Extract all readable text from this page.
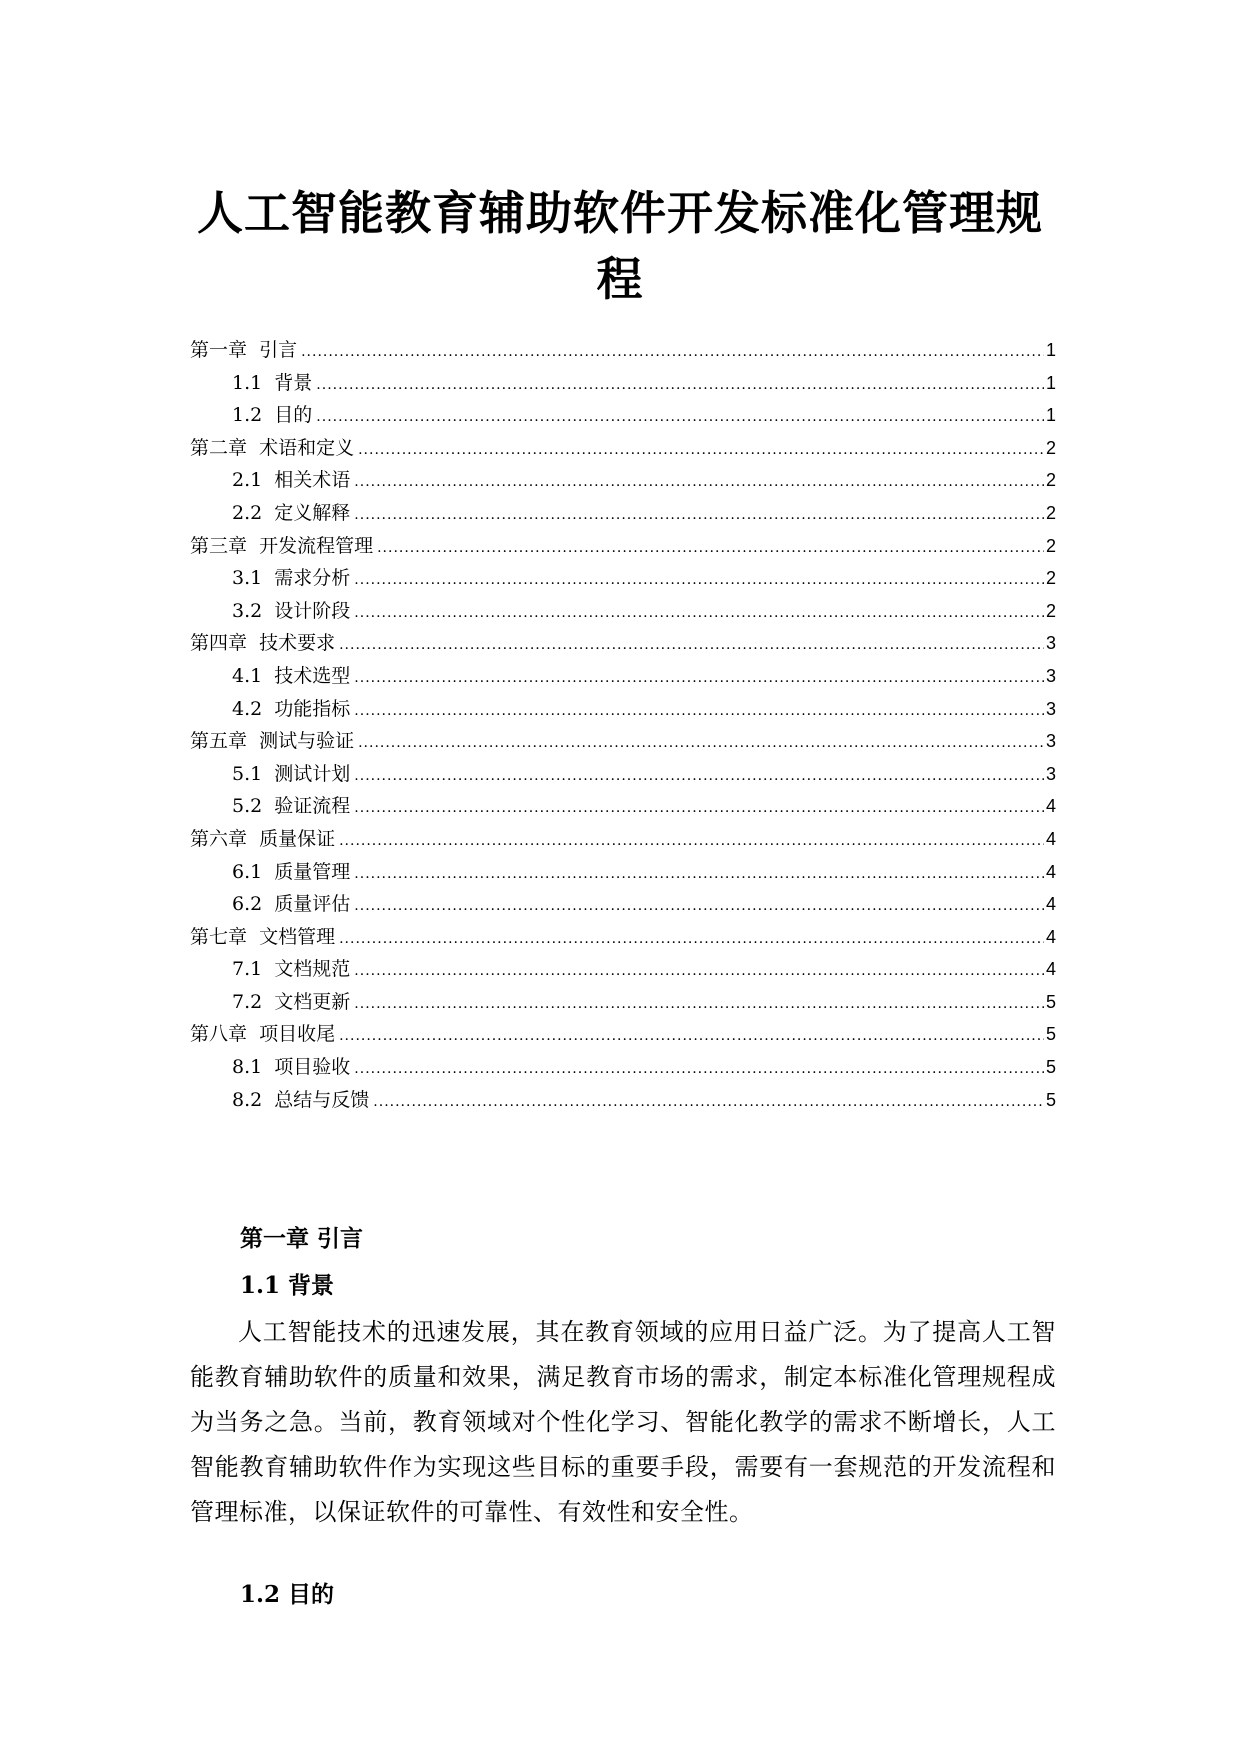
人工智能教育辅助软件开发标准化管理规程
第一章  引言 .....	1
1.1  背景 .....	1
1.2  目的 .....	1
第二章  术语和定义 .....	2
2.1  相关术语 .....	2
2.2  定义解释 .....	2
第三章  开发流程管理 .....	2
3.1  需求分析 .....	2
3.2  设计阶段 .....	2
第四章  技术要求 .....	3
4.1  技术选型 .....	3
4.2  功能指标 .....	3
第五章  测试与验证 .....	3
5.1  测试计划 .....	3
5.2  验证流程 .....	4
第六章  质量保证 .....	4
6.1  质量管理 .....	4
6.2  质量评估 .....	4
第七章  文档管理 .....	4
7.1  文档规范 .....	4
7.2  文档更新 .....	5
第八章  项目收尾 .....	5
8.1  项目验收 .....	5
8.2  总结与反馈 .....	5
第一章 引言
1.1 背景
人工智能技术的迅速发展，其在教育领域的应用日益广泛。为了提高人工智能教育辅助软件的质量和效果，满足教育市场的需求，制定本标准化管理规程成为当务之急。当前，教育领域对个性化学习、智能化教学的需求不断增长，人工智能教育辅助软件作为实现这些目标的重要手段，需要有一套规范的开发流程和管理标准，以保证软件的可靠性、有效性和安全性。
1.2 目的
